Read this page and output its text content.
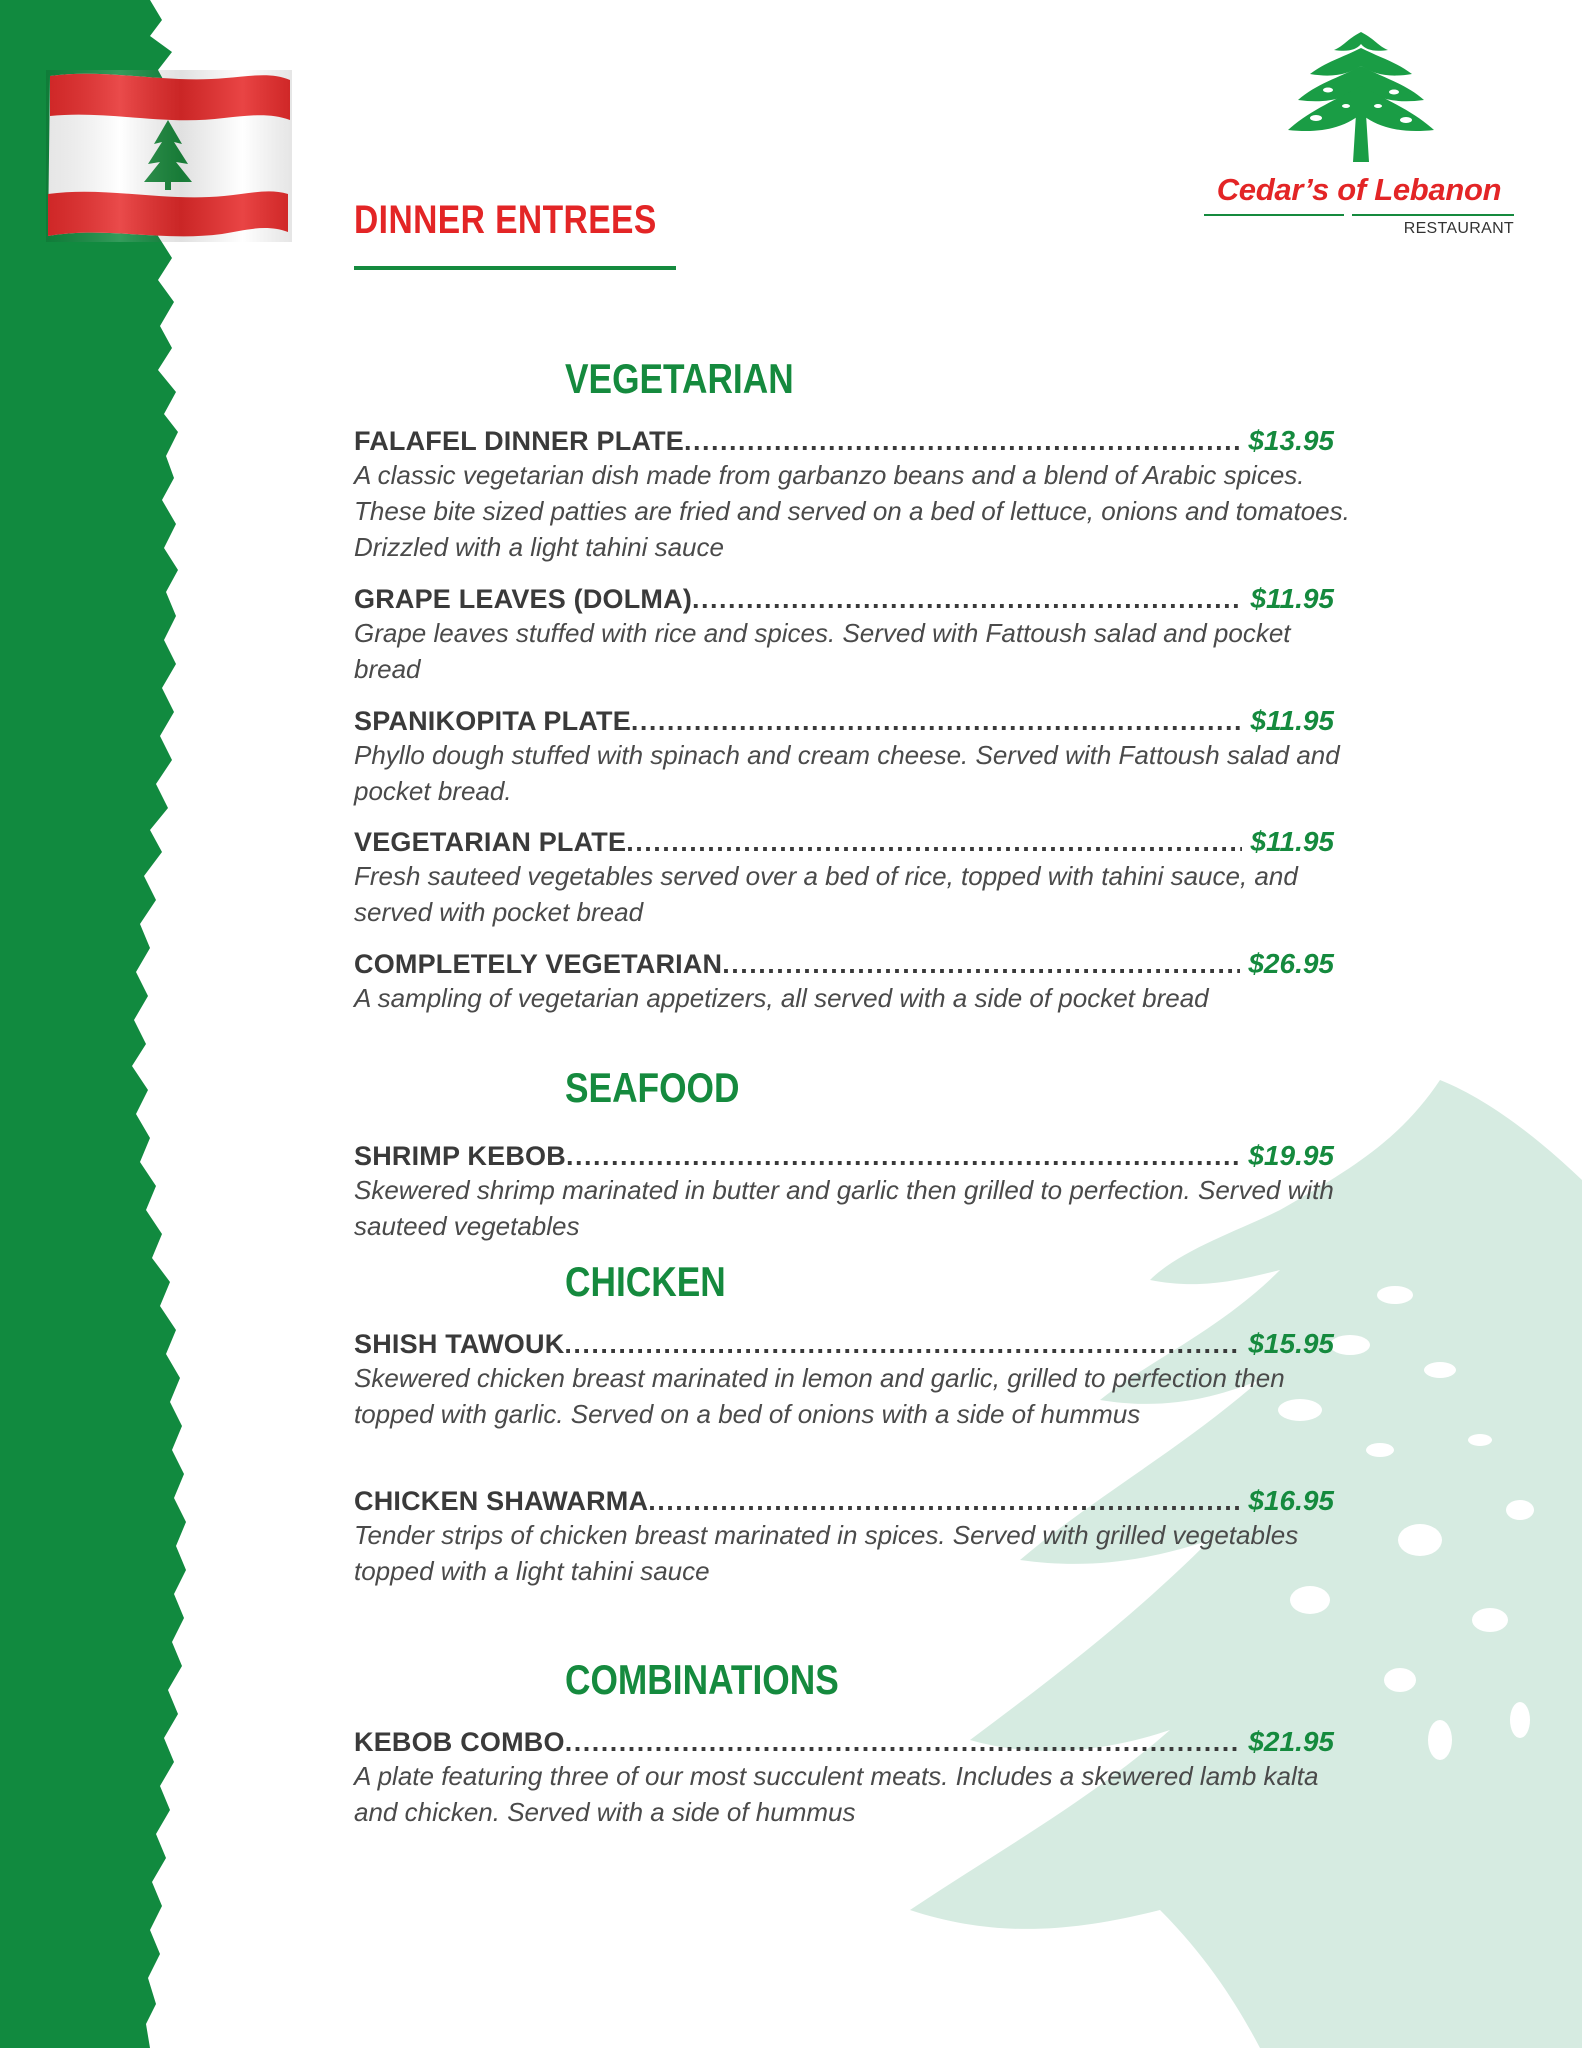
DINNER ENTREES
Cedar’s of Lebanon
RESTAURANT
VEGETARIAN
FALAFEL DINNER PLATE .....	$13.95
A classic vegetarian dish made from garbanzo beans and a blend of Arabic spices. These bite sized patties are fried and served on a bed of lettuce, onions and tomatoes. Drizzled with a light tahini sauce
GRAPE LEAVES (DOLMA) .....	$11.95
Grape leaves stuffed with rice and spices. Served with Fattoush salad and pocket bread
SPANIKOPITA PLATE .....	$11.95
Phyllo dough stuffed with spinach and cream cheese. Served with Fattoush salad and pocket bread.
VEGETARIAN PLATE .....	$11.95
Fresh sauteed vegetables served over a bed of rice, topped with tahini sauce, and served with pocket bread
COMPLETELY VEGETARIAN .....	$26.95
A sampling of vegetarian appetizers, all served with a side of pocket bread
SEAFOOD
SHRIMP KEBOB .....	$19.95
Skewered shrimp marinated in butter and garlic then grilled to perfection. Served with sauteed vegetables
CHICKEN
SHISH TAWOUK .....	$15.95
Skewered chicken breast marinated in lemon and garlic, grilled to perfection then topped with garlic. Served on a bed of onions with a side of hummus
CHICKEN SHAWARMA .....	$16.95
Tender strips of chicken breast marinated in spices. Served with grilled vegetables topped with a light tahini sauce
COMBINATIONS
KEBOB COMBO .....	$21.95
A plate featuring three of our most succulent meats. Includes a skewered lamb kalta and chicken. Served with a side of hummus
